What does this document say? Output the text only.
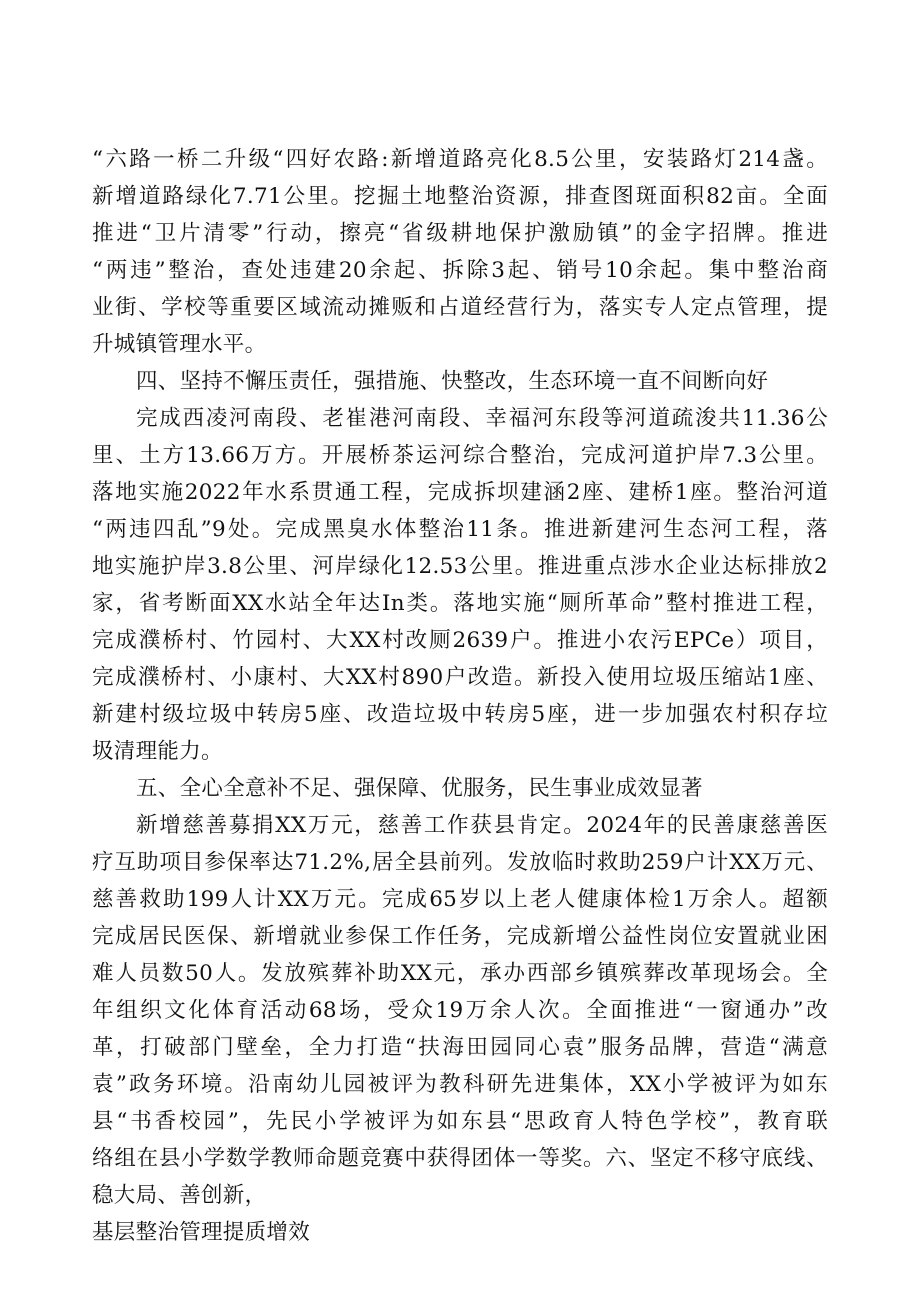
“六路一桥二升级“四好农路:新增道路亮化8.5公里，安装路灯214盏。
新增道路绿化7.71公里。挖掘土地整治资源，排查图斑面积82亩。全面
推进“卫片清零”行动，擦亮“省级耕地保护激励镇”的金字招牌。推进
“两违”整治，查处违建20余起、拆除3起、销号10余起。集中整治商
业街、学校等重要区域流动摊贩和占道经营行为，落实专人定点管理，提
升城镇管理水平。
四、坚持不懈压责任，强措施、快整改，生态环境一直不间断向好
完成西凌河南段、老崔港河南段、幸福河东段等河道疏浚共11.36公
里、土方13.66万方。开展桥茶运河综合整治，完成河道护岸7.3公里。
落地实施2022年水系贯通工程，完成拆坝建涵2座、建桥1座。整治河道
“两违四乱”9处。完成黑臭水体整治11条。推进新建河生态河工程，落
地实施护岸3.8公里、河岸绿化12.53公里。推进重点涉水企业达标排放2
家，省考断面XX水站全年达In类。落地实施“厕所革命”整村推进工程，
完成濮桥村、竹园村、大XX村改厕2639户。推进小农污EPCe）项目，
完成濮桥村、小康村、大XX村890户改造。新投入使用垃圾压缩站1座、
新建村级垃圾中转房5座、改造垃圾中转房5座，进一步加强农村积存垃
圾清理能力。
五、全心全意补不足、强保障、优服务，民生事业成效显著
新增慈善募捐XX万元，慈善工作获县肯定。2024年的民善康慈善医
疗互助项目参保率达71.2%,居全县前列。发放临时救助259户计XX万元、
慈善救助199人计XX万元。完成65岁以上老人健康体检1万余人。超额
完成居民医保、新增就业参保工作任务，完成新增公益性岗位安置就业困
难人员数50人。发放殡葬补助XX元，承办西部乡镇殡葬改革现场会。全
年组织文化体育活动68场，受众19万余人次。全面推进“一窗通办”改
革，打破部门壁垒，全力打造“扶海田园同心袁”服务品牌，营造“满意
袁”政务环境。沿南幼儿园被评为教科研先进集体，XX小学被评为如东
县“书香校园”，先民小学被评为如东县“思政育人特色学校”，教育联
络组在县小学数学教师命题竞赛中获得团体一等奖。六、坚定不移守底线、
稳大局、善创新，
基层整治管理提质增效
